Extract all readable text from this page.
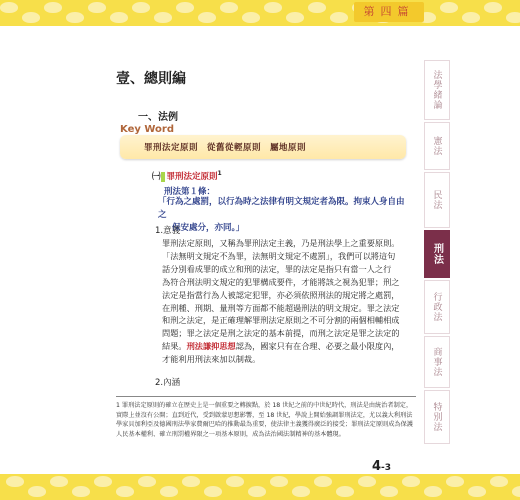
第四篇
壹、總則編
一、法例
Key Word
罪刑法定原則　從舊從輕原則　屬地原則
㈠ 罪刑法定原則$^1$
刑法第１條：
「行為之處罰，以行為時之法律有明文規定者為限。拘束人身自由之
保安處分，亦同。」
1.意義
罪刑法定原則，又稱為罪刑法定主義，乃是刑法學上之重要原則。
「法無明文規定不為罪，法無明文規定不處罰」，我們可以將這句
話分別看成罪的成立和刑的法定，罪的法定是指只有當一人之行
為符合刑法明文規定的犯罪構成要件，才能將該之視為犯罪；刑之
法定是指當行為人被認定犯罪，亦必須依照刑法的規定將之處罰，
在刑種、刑期、量刑等方面都不能超過刑法的明文規定。罪之法定
和刑之法定，是正確理解罪刑法定原則之不可分割的兩個相輔相成
問題；罪之法定是刑之法定的基本前提，而刑之法定是罪之法定的
結果。刑法謙抑思想認為，國家只有在合理、必要之最小限度內，
才能利用刑法來加以制裁。
2.內涵
1 罪刑法定原則的確立在歷史上是一個重要之轉捩點，於 18 世紀之前的中世紀時代，刑法是由統治者制定，實際上並沒有公開；直到近代，受到啟蒙思想影響，至 18 世紀，學說上開始強調罪刑法定，尤以義大利刑法學家貝加利亞及德國刑法學家費爾巴哈的推動最為重要，使法律主義獲得廣泛的接受；罪刑法定原則成為保護人民基本權利、確立刑罰權界限之一項基本原則，成為法治國法制精神的基本體現。
4-3
法學緒論
憲法
民法
刑法
行政法
商事法
特別法
